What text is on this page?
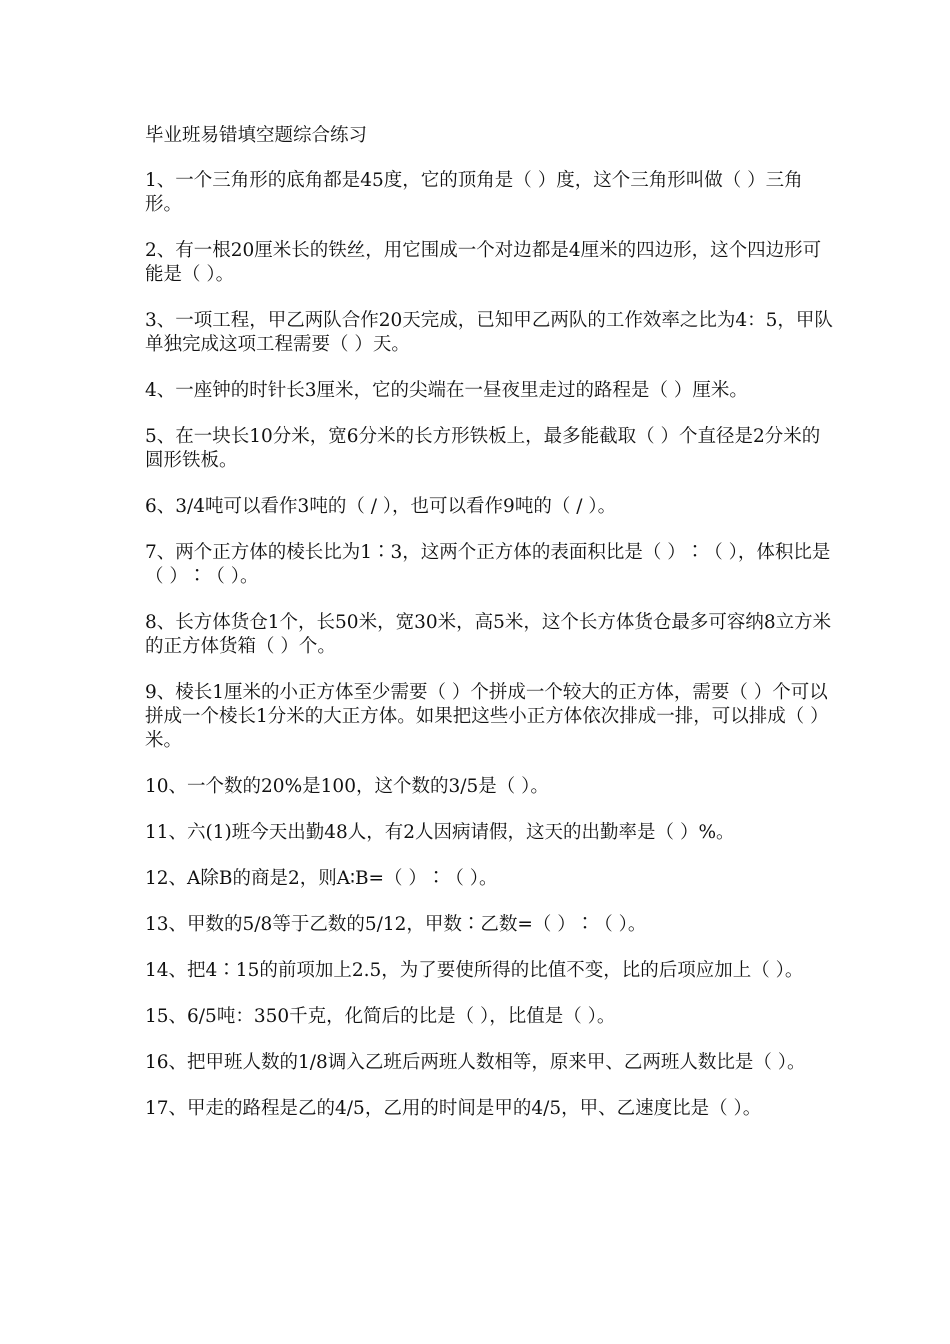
毕业班易错填空题综合练习

1、一个三角形的底角都是45度，它的顶角是（ ）度，这个三角形叫做（ ）三角形。

2、有一根20厘米长的铁丝，用它围成一个对边都是4厘米的四边形，这个四边形可能是（ ）。

3、一项工程，甲乙两队合作20天完成，已知甲乙两队的工作效率之比为4：5，甲队单独完成这项工程需要（ ）天。

4、一座钟的时针长3厘米，它的尖端在一昼夜里走过的路程是（ ）厘米。

5、在一块长10分米，宽6分米的长方形铁板上，最多能截取（ ）个直径是2分米的圆形铁板。

6、3/4吨可以看作3吨的（ / ），也可以看作9吨的（ / ）。

7、两个正方体的棱长比为1∶3，这两个正方体的表面积比是（ ）∶（ ），体积比是（ ）∶（ ）。

8、长方体货仓1个，长50米，宽30米，高5米，这个长方体货仓最多可容纳8立方米的正方体货箱（ ）个。

9、棱长1厘米的小正方体至少需要（ ）个拼成一个较大的正方体，需要（ ）个可以拼成一个棱长1分米的大正方体。如果把这些小正方体依次排成一排，可以排成（ ）米。

10、一个数的20%是100，这个数的3/5是（ ）。

11、六(1)班今天出勤48人，有2人因病请假，这天的出勤率是（ ）%。

12、A除B的商是2，则A∶B=（ ）∶（ ）。

13、甲数的5/8等于乙数的5/12，甲数∶乙数=（ ）∶（ ）。

14、把4∶15的前项加上2.5，为了要使所得的比值不变，比的后项应加上（ ）。

15、6/5吨：350千克，化简后的比是（ ），比值是（ ）。

16、把甲班人数的1/8调入乙班后两班人数相等，原来甲、乙两班人数比是（ ）。

17、甲走的路程是乙的4/5，乙用的时间是甲的4/5，甲、乙速度比是（ ）。
